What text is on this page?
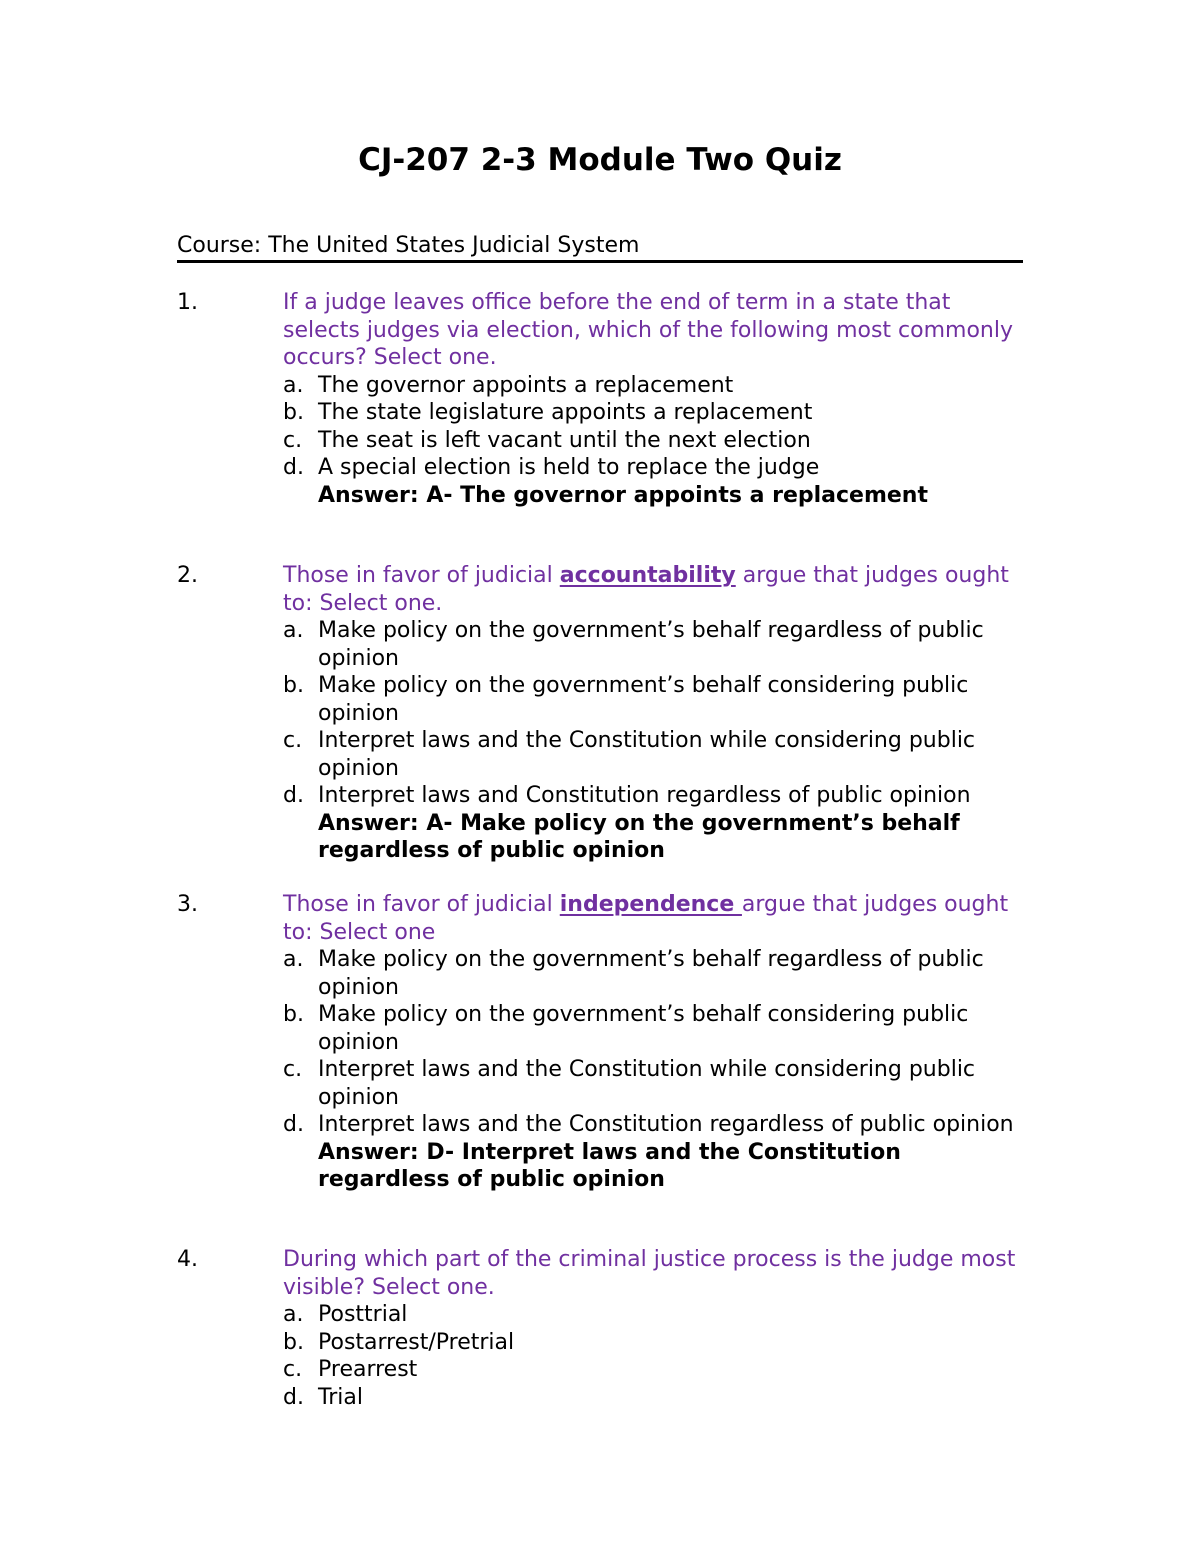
CJ-207 2-3 Module Two Quiz
Course: The United States Judicial System
1.	If a judge leaves office before the end of term in a state that selects judges via election, which of the following most commonly occurs? Select one.
a. The governor appoints a replacement
b. The state legislature appoints a replacement
c. The seat is left vacant until the next election
d. A special election is held to replace the judge
Answer: A- The governor appoints a replacement
2.	Those in favor of judicial accountability argue that judges ought to: Select one.
a. Make policy on the government’s behalf regardless of public opinion
b. Make policy on the government’s behalf considering public opinion
c. Interpret laws and the Constitution while considering public opinion
d. Interpret laws and Constitution regardless of public opinion
Answer: A- Make policy on the government’s behalf regardless of public opinion
3.	Those in favor of judicial independence argue that judges ought to: Select one
a. Make policy on the government’s behalf regardless of public opinion
b. Make policy on the government’s behalf considering public opinion
c. Interpret laws and the Constitution while considering public opinion
d. Interpret laws and the Constitution regardless of public opinion
Answer: D- Interpret laws and the Constitution regardless of public opinion
4.	During which part of the criminal justice process is the judge most visible? Select one.
a. Posttrial
b. Postarrest/Pretrial
c. Prearrest
d. Trial
